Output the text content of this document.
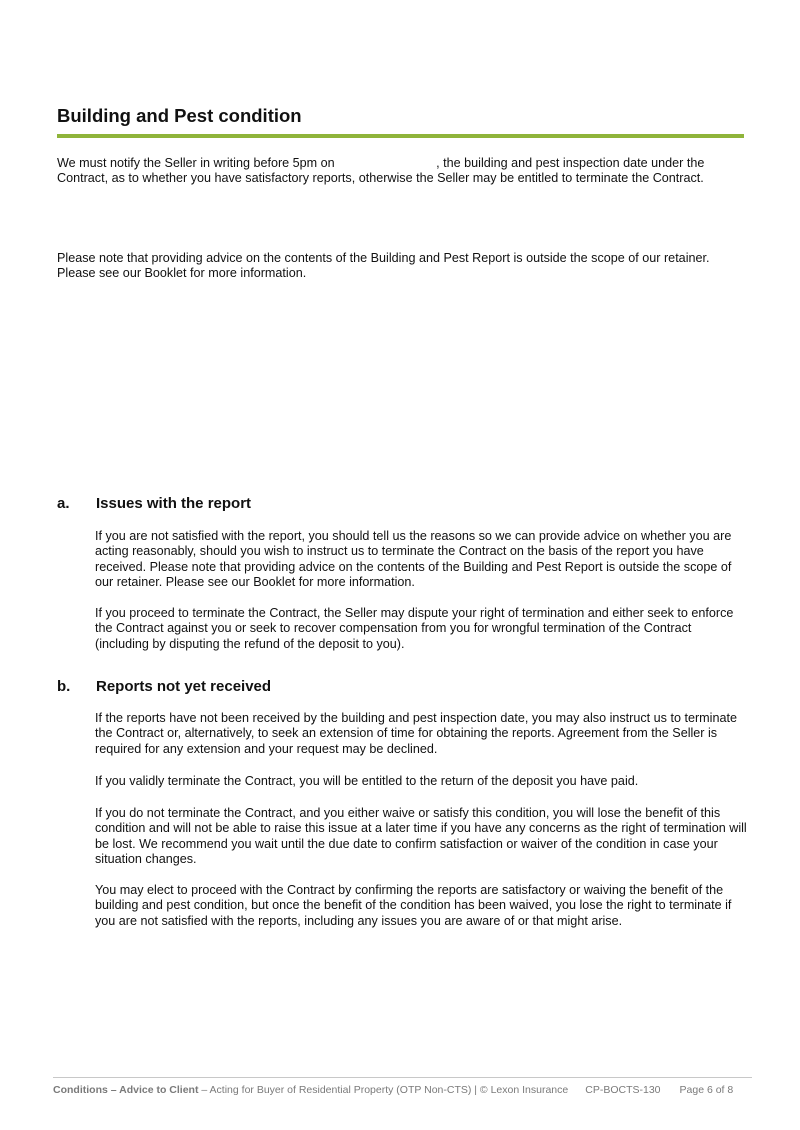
Building and Pest condition

We must notify the Seller in writing before 5pm on	, the building and pest inspection date under the Contract, as to whether you have satisfactory reports, otherwise the Seller may be entitled to terminate the Contract.

Please note that providing advice on the contents of the Building and Pest Report is outside the scope of our retainer. Please see our Booklet for more information.

a. Issues with the report

If you are not satisfied with the report, you should tell us the reasons so we can provide advice on whether you are acting reasonably, should you wish to instruct us to terminate the Contract on the basis of the report you have received. Please note that providing advice on the contents of the Building and Pest Report is outside the scope of our retainer. Please see our Booklet for more information.

If you proceed to terminate the Contract, the Seller may dispute your right of termination and either seek to enforce the Contract against you or seek to recover compensation from you for wrongful termination of the Contract (including by disputing the refund of the deposit to you).

b. Reports not yet received

If the reports have not been received by the building and pest inspection date, you may also instruct us to terminate the Contract or, alternatively, to seek an extension of time for obtaining the reports. Agreement from the Seller is required for any extension and your request may be declined.

If you validly terminate the Contract, you will be entitled to the return of the deposit you have paid.

If you do not terminate the Contract, and you either waive or satisfy this condition, you will lose the benefit of this condition and will not be able to raise this issue at a later time if you have any concerns as the right of termination will be lost. We recommend you wait until the due date to confirm satisfaction or waiver of the condition in case your situation changes.

You may elect to proceed with the Contract by confirming the reports are satisfactory or waiving the benefit of the building and pest condition, but once the benefit of the condition has been waived, you lose the right to terminate if you are not satisfied with the reports, including any issues you are aware of or that might arise.

Conditions – Advice to Client – Acting for Buyer of Residential Property (OTP Non-CTS) | © Lexon Insurance CP-BOCTS-130 Page 6 of 8
